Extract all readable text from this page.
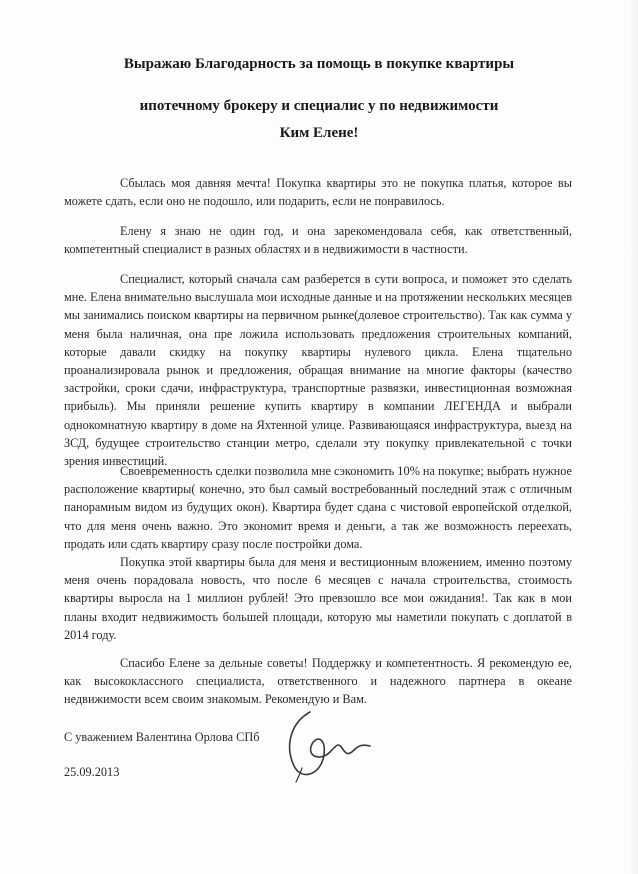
Выражаю Благодарность за помощь в покупке квартиры
ипотечному брокеру и специалис у по недвижимости
Ким Елене!

Сбылась моя давняя мечта! Покупка квартиры это не покупка платья, которое вы можете сдать, если оно не подошло, или подарить, если не понравилось.

Елену я знаю не один год, и она зарекомендовала себя, как ответственный, компетентный специалист в разных областях и в недвижимости в частности.

Специалист, который сначала сам разберется в сути вопроса, и поможет это сделать мне. Елена внимательно выслушала мои исходные данные и на протяжении нескольких месяцев мы занимались поиском квартиры на первичном рынке(долевое строительство). Так как сумма у меня была наличная, она пре ложила использовать предложения строительных компаний, которые давали скидку на покупку квартиры нулевого цикла. Елена тщательно проанализировала рынок и предложения, обращая внимание на многие факторы (качество застройки, сроки сдачи, инфраструктура, транспортные развязки, инвестиционная возможная прибыль). Мы приняли решение купить квартиру в компании ЛЕГЕНДА и выбрали однокомнатную квартиру в доме на Яхтенной улице. Развивающаяся инфраструктура, выезд на ЗСД, будущее строительство станции метро, сделали эту покупку привлекательной с точки зрения инвестиций.

Своевременность сделки позволила мне сэкономить 10% на покупке; выбрать нужное расположение квартиры( конечно, это был самый востребованный последний этаж с отличным панорамным видом из будущих окон). Квартира будет сдана с чистовой европейской отделкой, что для меня очень важно. Это экономит время и деньги, а так же возможность переехать, продать или сдать квартиру сразу после постройки дома.

Покупка этой квартиры была для меня и вестиционным вложением, именно поэтому меня очень порадовала новость, что после 6 месяцев с начала строительства, стоимость квартиры выросла на 1 миллион рублей! Это превзошло все мои ожидания!. Так как в мои планы входит недвижимость большей площади, которую мы наметили покупать с доплатой в 2014 году.

Спасибо Елене за дельные советы! Поддержку и компетентность. Я рекомендую ее, как высококлассного специалиста, ответственного и надежного партнера в океане недвижимости всем своим знакомым. Рекомендую и Вам.

С уважением Валентина Орлова СПб
25.09.2013
